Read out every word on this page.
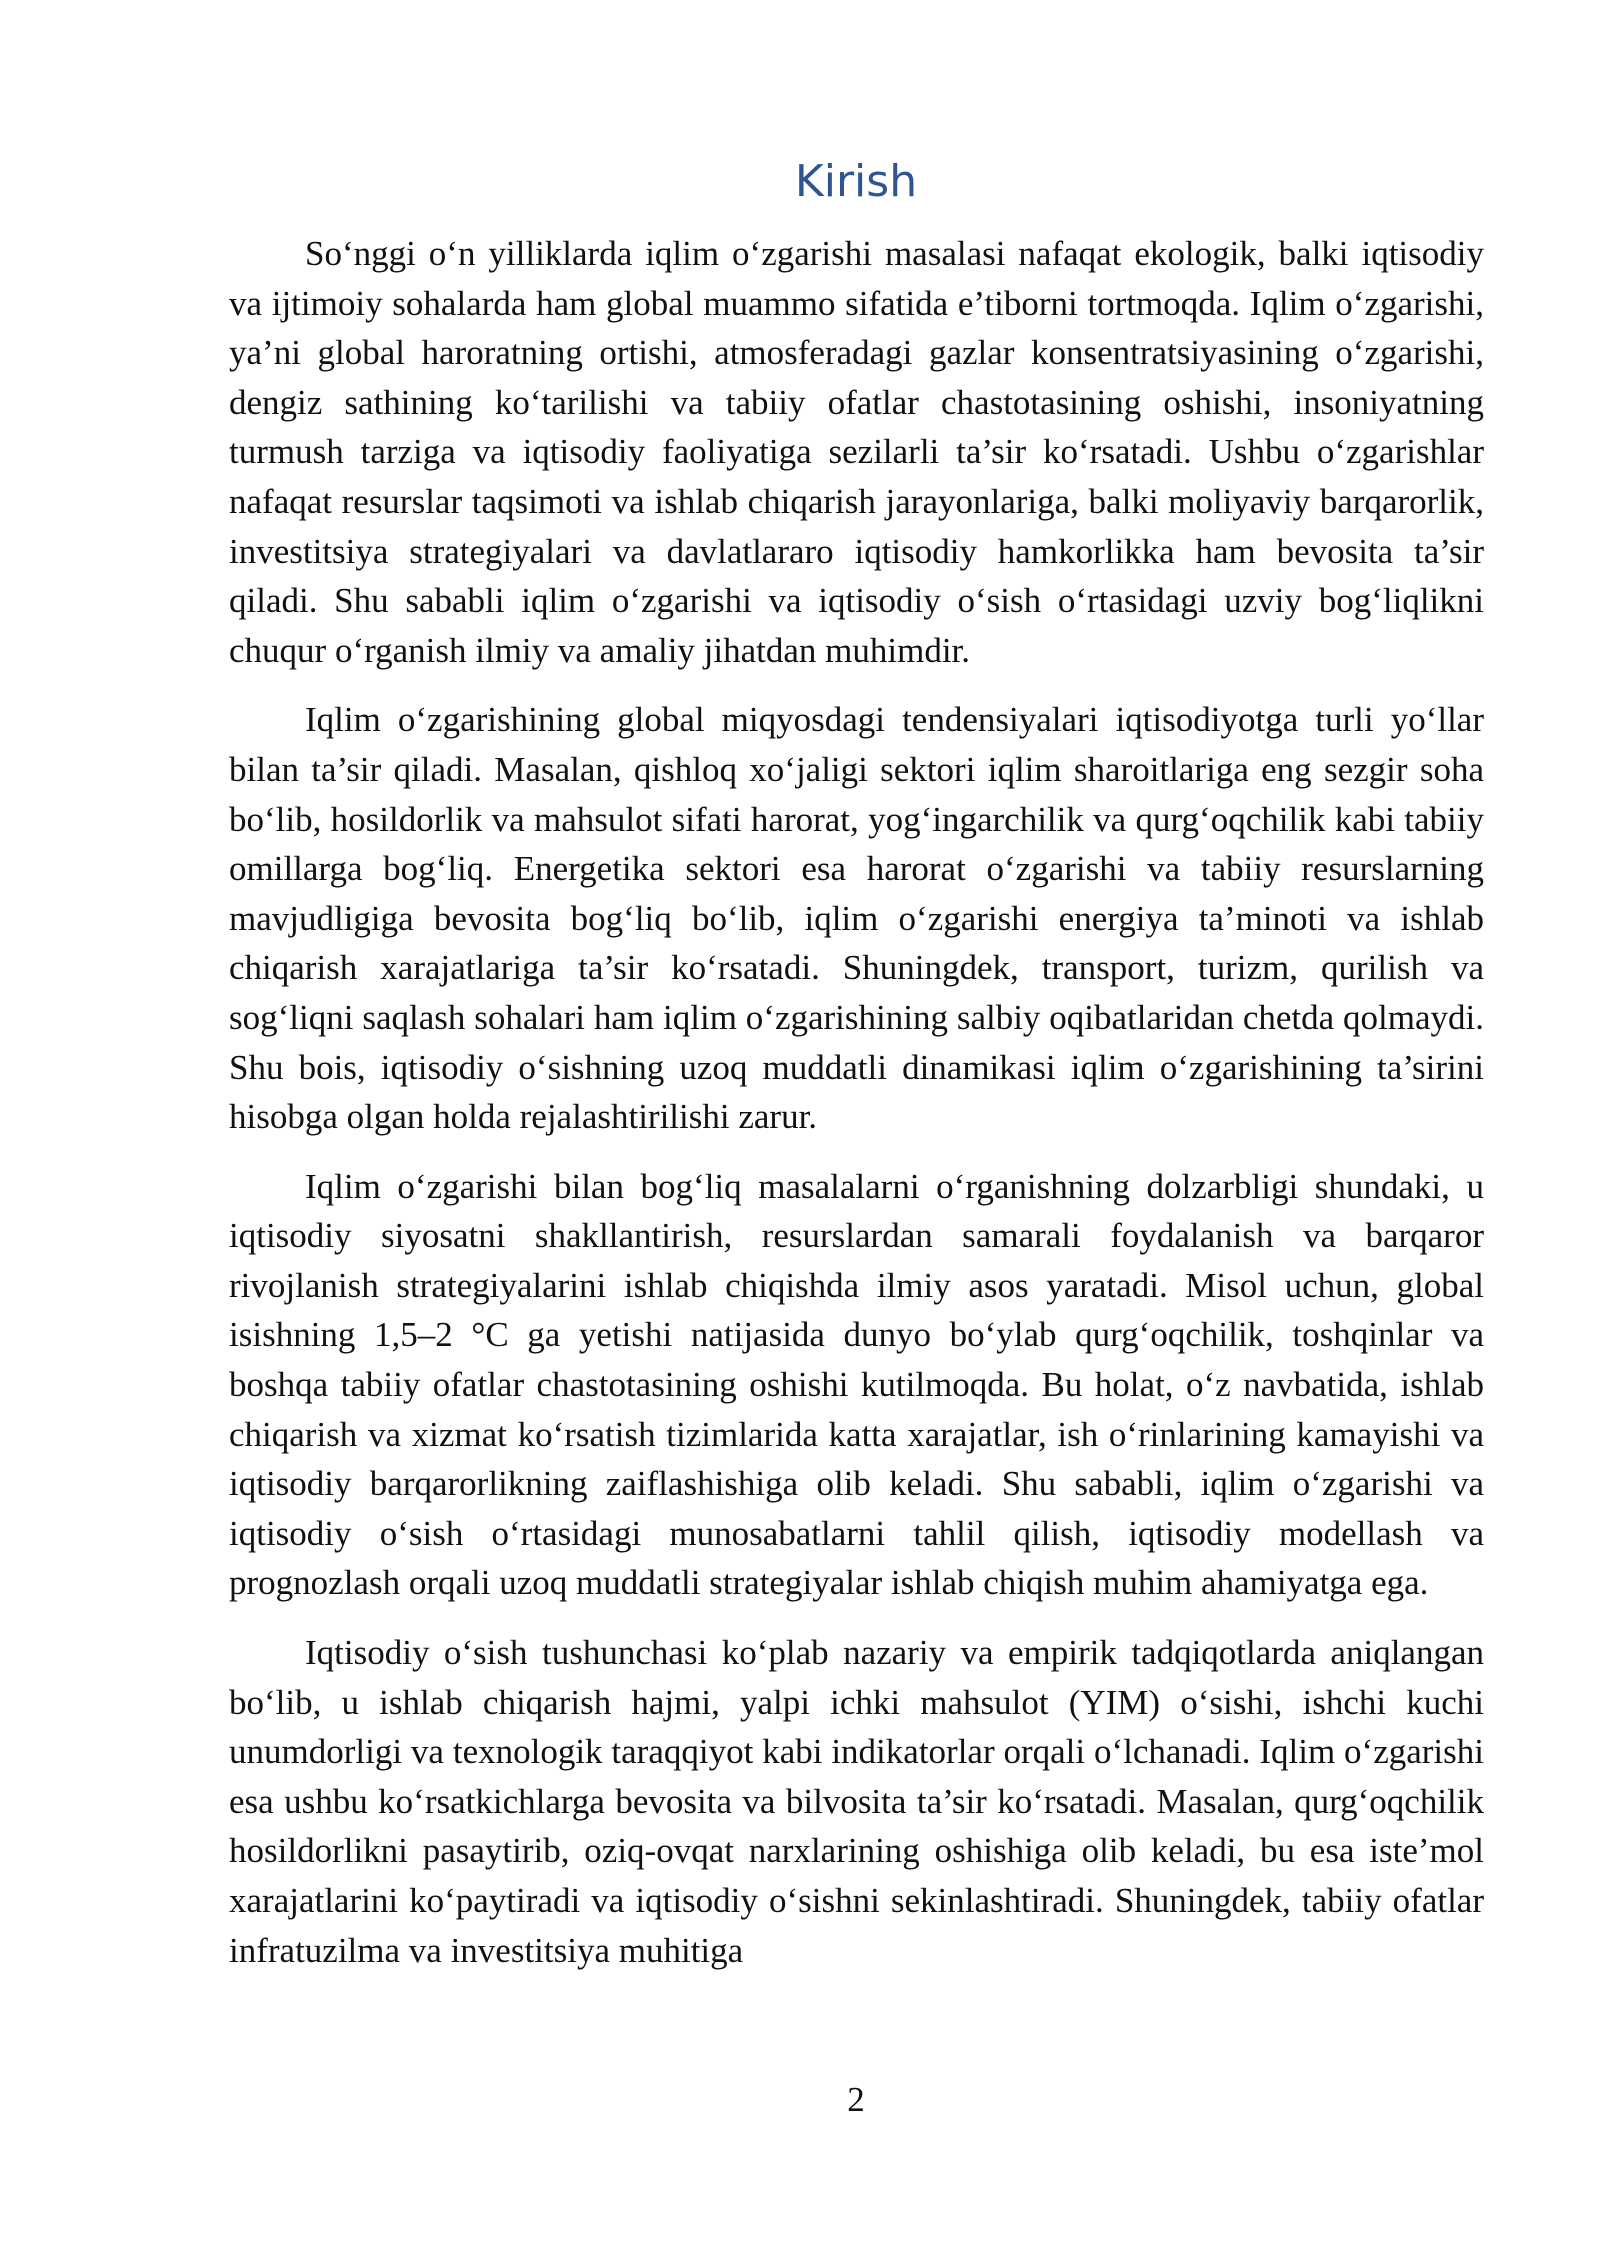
Kirish

So‘nggi o‘n yilliklarda iqlim o‘zgarishi masalasi nafaqat ekologik, balki iqtisodiy va ijtimoiy sohalarda ham global muammo sifatida e’tiborni tortmoqda. Iqlim o‘zgarishi, ya’ni global haroratning ortishi, atmosferadagi gazlar konsentratsiyasining o‘zgarishi, dengiz sathining ko‘tarilishi va tabiiy ofatlar chastotasining oshishi, insoniyatning turmush tarziga va iqtisodiy faoliyatiga sezilarli ta’sir ko‘rsatadi. Ushbu o‘zgarishlar nafaqat resurslar taqsimoti va ishlab chiqarish jarayonlariga, balki moliyaviy barqarorlik, investitsiya strategiyalari va davlatlararo iqtisodiy hamkorlikka ham bevosita ta’sir qiladi. Shu sababli iqlim o‘zgarishi va iqtisodiy o‘sish o‘rtasidagi uzviy bog‘liqlikni chuqur o‘rganish ilmiy va amaliy jihatdan muhimdir.

Iqlim o‘zgarishining global miqyosdagi tendensiyalari iqtisodiyotga turli yo‘llar bilan ta’sir qiladi. Masalan, qishloq xo‘jaligi sektori iqlim sharoitlariga eng sezgir soha bo‘lib, hosildorlik va mahsulot sifati harorat, yog‘ingarchilik va qurg‘oqchilik kabi tabiiy omillarga bog‘liq. Energetika sektori esa harorat o‘zgarishi va tabiiy resurslarning mavjudligiga bevosita bog‘liq bo‘lib, iqlim o‘zgarishi energiya ta’minoti va ishlab chiqarish xarajatlariga ta’sir ko‘rsatadi. Shuningdek, transport, turizm, qurilish va sog‘liqni saqlash sohalari ham iqlim o‘zgarishining salbiy oqibatlaridan chetda qolmaydi. Shu bois, iqtisodiy o‘sishning uzoq muddatli dinamikasi iqlim o‘zgarishining ta’sirini hisobga olgan holda rejalashtirilishi zarur.

Iqlim o‘zgarishi bilan bog‘liq masalalarni o‘rganishning dolzarbligi shundaki, u iqtisodiy siyosatni shakllantirish, resurslardan samarali foydalanish va barqaror rivojlanish strategiyalarini ishlab chiqishda ilmiy asos yaratadi. Misol uchun, global isishning 1,5–2 °C ga yetishi natijasida dunyo bo‘ylab qurg‘oqchilik, toshqinlar va boshqa tabiiy ofatlar chastotasining oshishi kutilmoqda. Bu holat, o‘z navbatida, ishlab chiqarish va xizmat ko‘rsatish tizimlarida katta xarajatlar, ish o‘rinlarining kamayishi va iqtisodiy barqarorlikning zaiflashishiga olib keladi. Shu sababli, iqlim o‘zgarishi va iqtisodiy o‘sish o‘rtasidagi munosabatlarni tahlil qilish, iqtisodiy modellash va prognozlash orqali uzoq muddatli strategiyalar ishlab chiqish muhim ahamiyatga ega.

Iqtisodiy o‘sish tushunchasi ko‘plab nazariy va empirik tadqiqotlarda aniqlangan bo‘lib, u ishlab chiqarish hajmi, yalpi ichki mahsulot (YIM) o‘sishi, ishchi kuchi unumdorligi va texnologik taraqqiyot kabi indikatorlar orqali o‘lchanadi. Iqlim o‘zgarishi esa ushbu ko‘rsatkichlarga bevosita va bilvosita ta’sir ko‘rsatadi. Masalan, qurg‘oqchilik hosildorlikni pasaytirib, oziq-ovqat narxlarining oshishiga olib keladi, bu esa iste’mol xarajatlarini ko‘paytiradi va iqtisodiy o‘sishni sekinlashtiradi. Shuningdek, tabiiy ofatlar infratuzilma va investitsiya muhitiga

2
